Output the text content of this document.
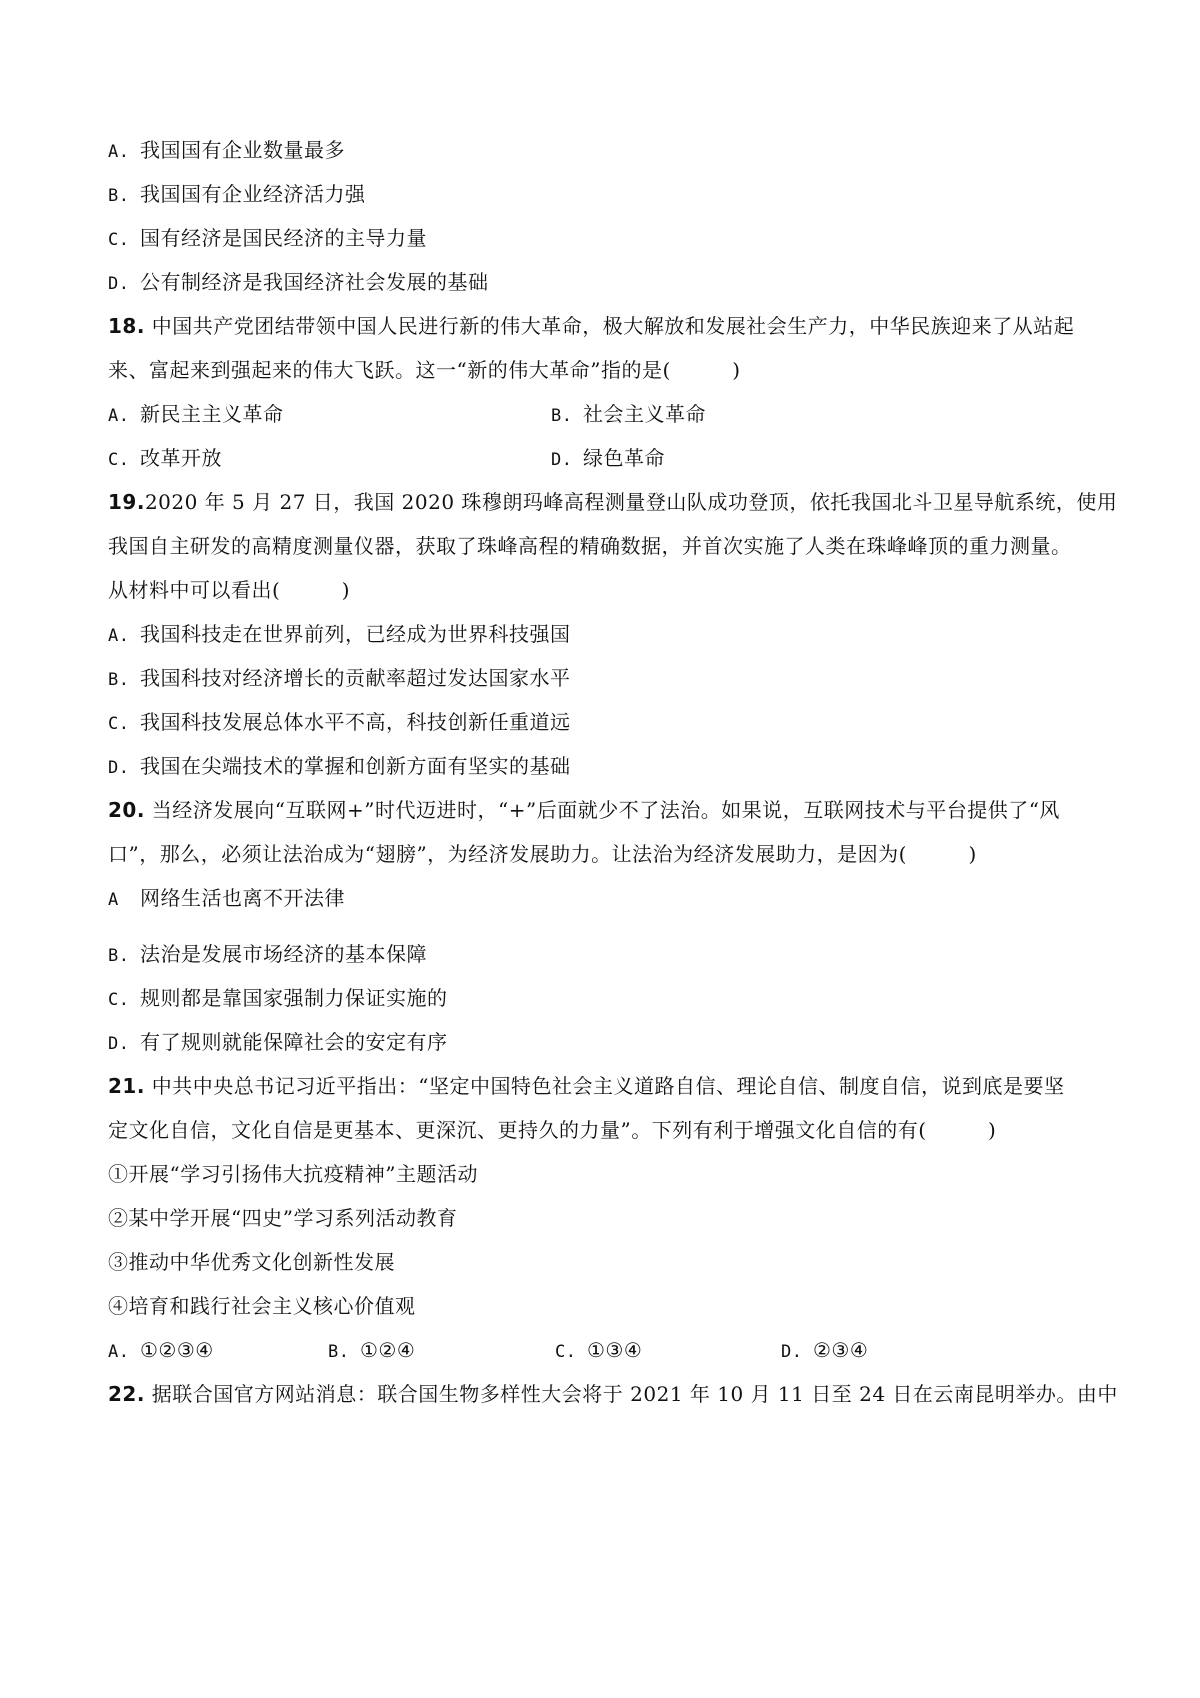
A. 我国国有企业数量最多
B. 我国国有企业经济活力强
C. 国有经济是国民经济的主导力量
D. 公有制经济是我国经济社会发展的基础
18. 中国共产党团结带领中国人民进行新的伟大革命，极大解放和发展社会生产力，中华民族迎来了从站起
来、富起来到强起来的伟大飞跃。这一“新的伟大革命”指的是(　　　)
A. 新民主主义革命	B. 社会主义革命
C. 改革开放	D. 绿色革命
19.2020 年 5 月 27 日，我国 2020 珠穆朗玛峰高程测量登山队成功登顶，依托我国北斗卫星导航系统，使用
我国自主研发的高精度测量仪器，获取了珠峰高程的精确数据，并首次实施了人类在珠峰峰顶的重力测量。
从材料中可以看出(　　　)
A. 我国科技走在世界前列，已经成为世界科技强国
B. 我国科技对经济增长的贡献率超过发达国家水平
C. 我国科技发展总体水平不高，科技创新任重道远
D. 我国在尖端技术的掌握和创新方面有坚实的基础
20. 当经济发展向“互联网+”时代迈进时，“+”后面就少不了法治。如果说，互联网技术与平台提供了“风
口”，那么，必须让法治成为“翅膀”，为经济发展助力。让法治为经济发展助力，是因为(　　　)
A 网络生活也离不开法律
B. 法治是发展市场经济的基本保障
C. 规则都是靠国家强制力保证实施的
D. 有了规则就能保障社会的安定有序
21. 中共中央总书记习近平指出：“坚定中国特色社会主义道路自信、理论自信、制度自信，说到底是要坚
定文化自信，文化自信是更基本、更深沉、更持久的力量”。下列有利于增强文化自信的有(　　　)
①开展“学习引扬伟大抗疫精神”主题活动
②某中学开展“四史”学习系列活动教育
③推动中华优秀文化创新性发展
④培育和践行社会主义核心价值观
A. ①②③④	B. ①②④	C. ①③④	D. ②③④
22. 据联合国官方网站消息：联合国生物多样性大会将于 2021 年 10 月 11 日至 24 日在云南昆明举办。由中
